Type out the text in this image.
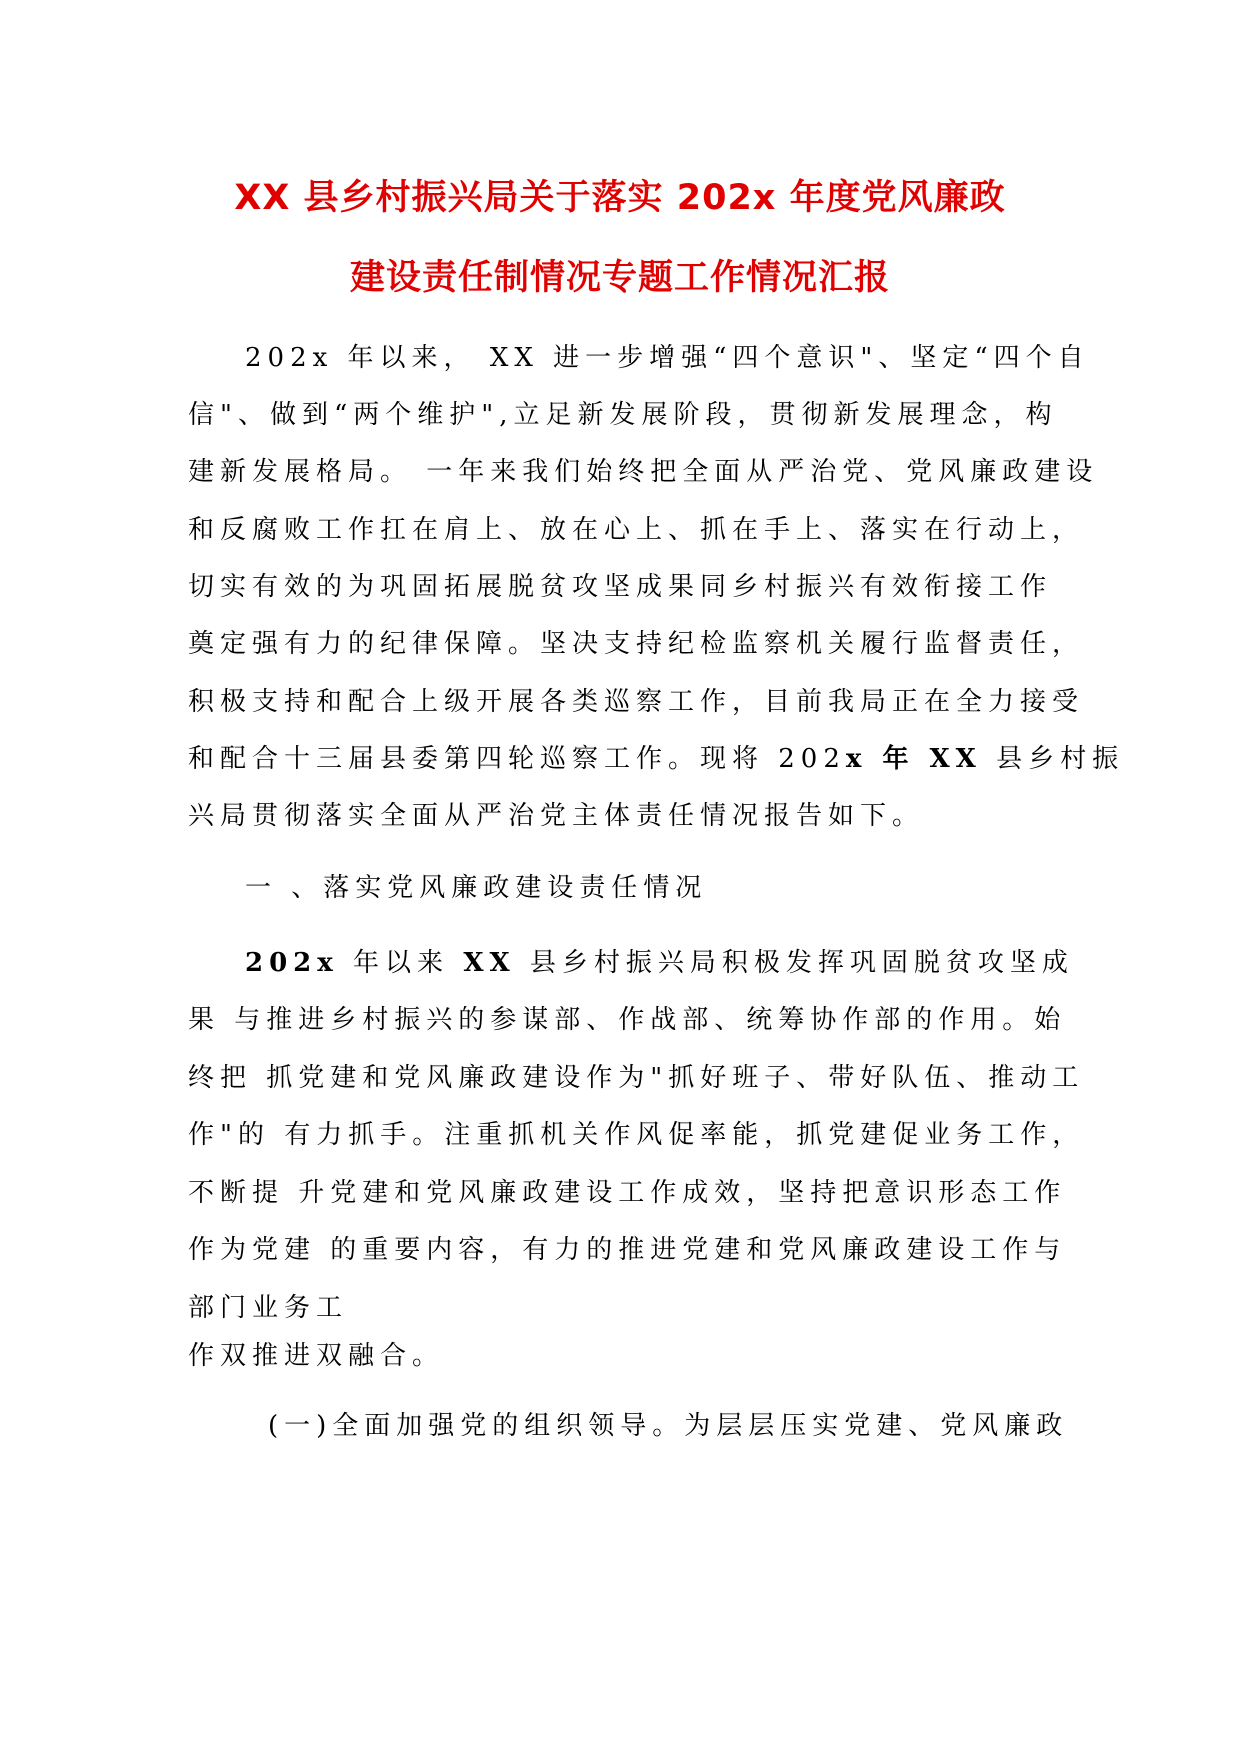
XX 县乡村振兴局关于落实 202x 年度党风廉政
建设责任制情况专题工作情况汇报
202x 年以来， XX 进一步增强“四个意识"、坚定“四个自
信"、做到“两个维护",立足新发展阶段，贯彻新发展理念，构
建新发展格局。 一年来我们始终把全面从严治党、党风廉政建设
和反腐败工作扛在肩上、放在心上、抓在手上、落实在行动上，
切实有效的为巩固拓展脱贫攻坚成果同乡村振兴有效衔接工作
奠定强有力的纪律保障。坚决支持纪检监察机关履行监督责任，
积极支持和配合上级开展各类巡察工作，目前我局正在全力接受
和配合十三届县委第四轮巡察工作。现将 202x 年 XX 县乡村振
兴局贯彻落实全面从严治党主体责任情况报告如下。
一 、落实党风廉政建设责任情况
202x 年以来 XX 县乡村振兴局积极发挥巩固脱贫攻坚成
果 与推进乡村振兴的参谋部、作战部、统筹协作部的作用。始
终把 抓党建和党风廉政建设作为"抓好班子、带好队伍、推动工
作"的 有力抓手。注重抓机关作风促率能，抓党建促业务工作，
不断提 升党建和党风廉政建设工作成效，坚持把意识形态工作
作为党建 的重要内容，有力的推进党建和党风廉政建设工作与
部门业务工
作双推进双融合。
(一)全面加强党的组织领导。为层层压实党建、党风廉政
